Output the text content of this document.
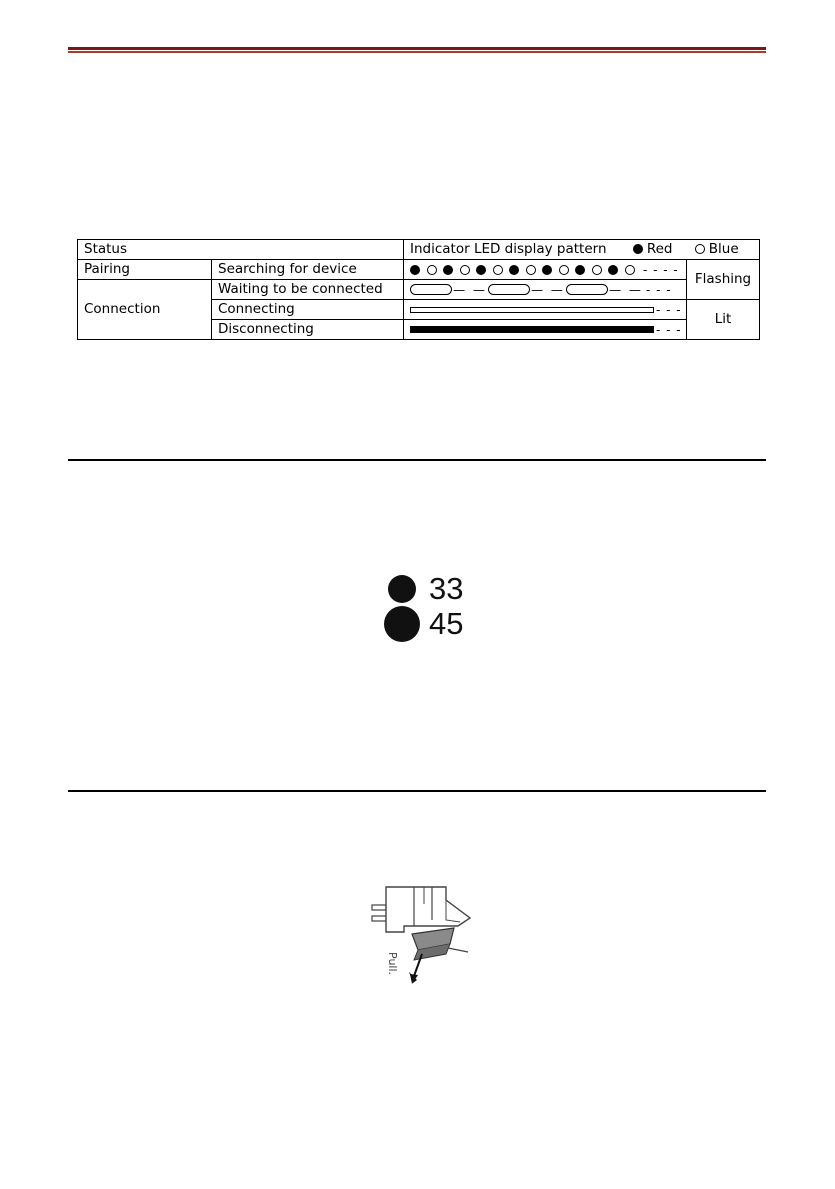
Status		Indicator LED display pattern Red Blue	
Pairing	Searching for device	- - - -	Flashing
Connection	Waiting to be connected	— — — — — — - - -	

	Connecting	- - -	Lit
	Disconnecting	- - -	
33
45
Pull.
